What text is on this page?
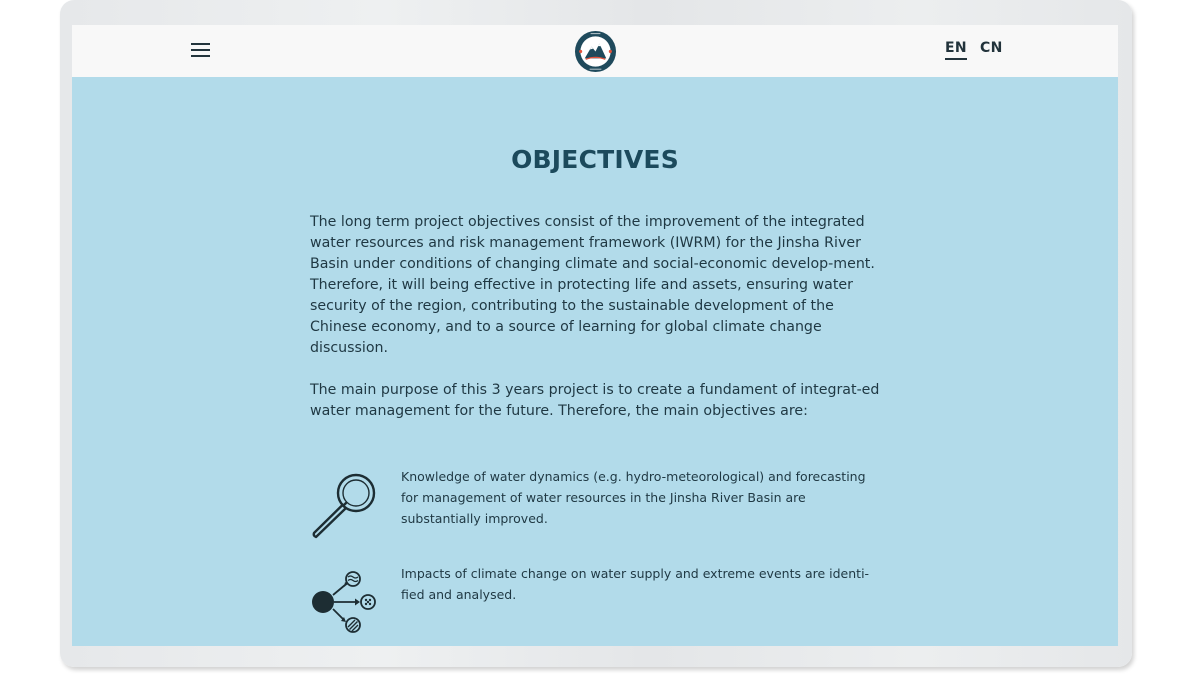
EN CN
OBJECTIVES

The long term project objectives consist of the improvement of the integrated water resources and risk management framework (IWRM) for the Jinsha River Basin under conditions of changing climate and social-economic develop-ment. Therefore, it will being effective in protecting life and assets, ensuring water security of the region, contributing to the sustainable development of the Chinese economy, and to a source of learning for global climate change discussion.

The main purpose of this 3 years project is to create a fundament of integrat-ed water management for the future. Therefore, the main objectives are:

Knowledge of water dynamics (e.g. hydro-meteorological) and forecasting for management of water resources in the Jinsha River Basin are substantially improved.

Impacts of climate change on water supply and extreme events are identi-fied and analysed.
